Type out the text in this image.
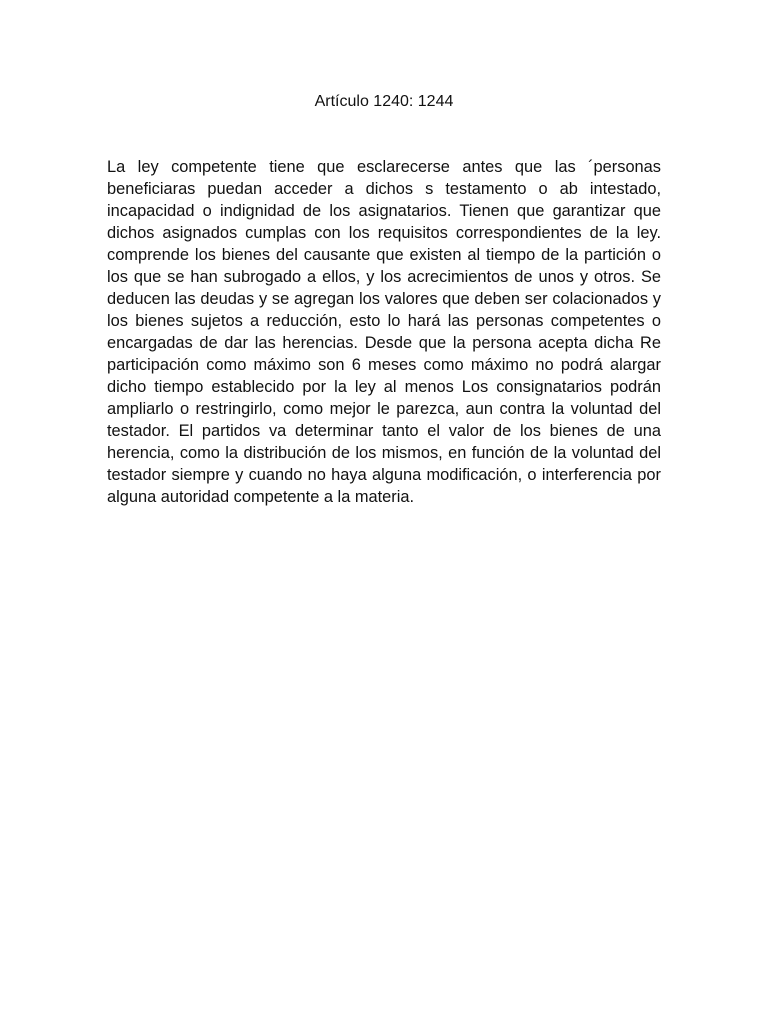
Artículo 1240: 1244

La ley competente tiene que esclarecerse antes que las ´personas beneficiaras puedan acceder a dichos s testamento o ab intestado, incapacidad o indignidad de los asignatarios. Tienen que garantizar que dichos asignados cumplas con los requisitos correspondientes de la ley. comprende los bienes del causante que existen al tiempo de la partición o los que se han subrogado a ellos, y los acrecimientos de unos y otros. Se deducen las deudas y se agregan los valores que deben ser colacionados y los bienes sujetos a reducción, esto lo hará las personas competentes o encargadas de dar las herencias. Desde que la persona acepta dicha Re participación como máximo son 6 meses como máximo no podrá alargar dicho tiempo establecido por la ley al menos Los consignatarios podrán ampliarlo o restringirlo, como mejor le parezca, aun contra la voluntad del testador. El partidos va determinar tanto el valor de los bienes de una herencia, como la distribución de los mismos, en función de la voluntad del testador siempre y cuando no haya alguna modificación, o interferencia por alguna autoridad competente a la materia.
